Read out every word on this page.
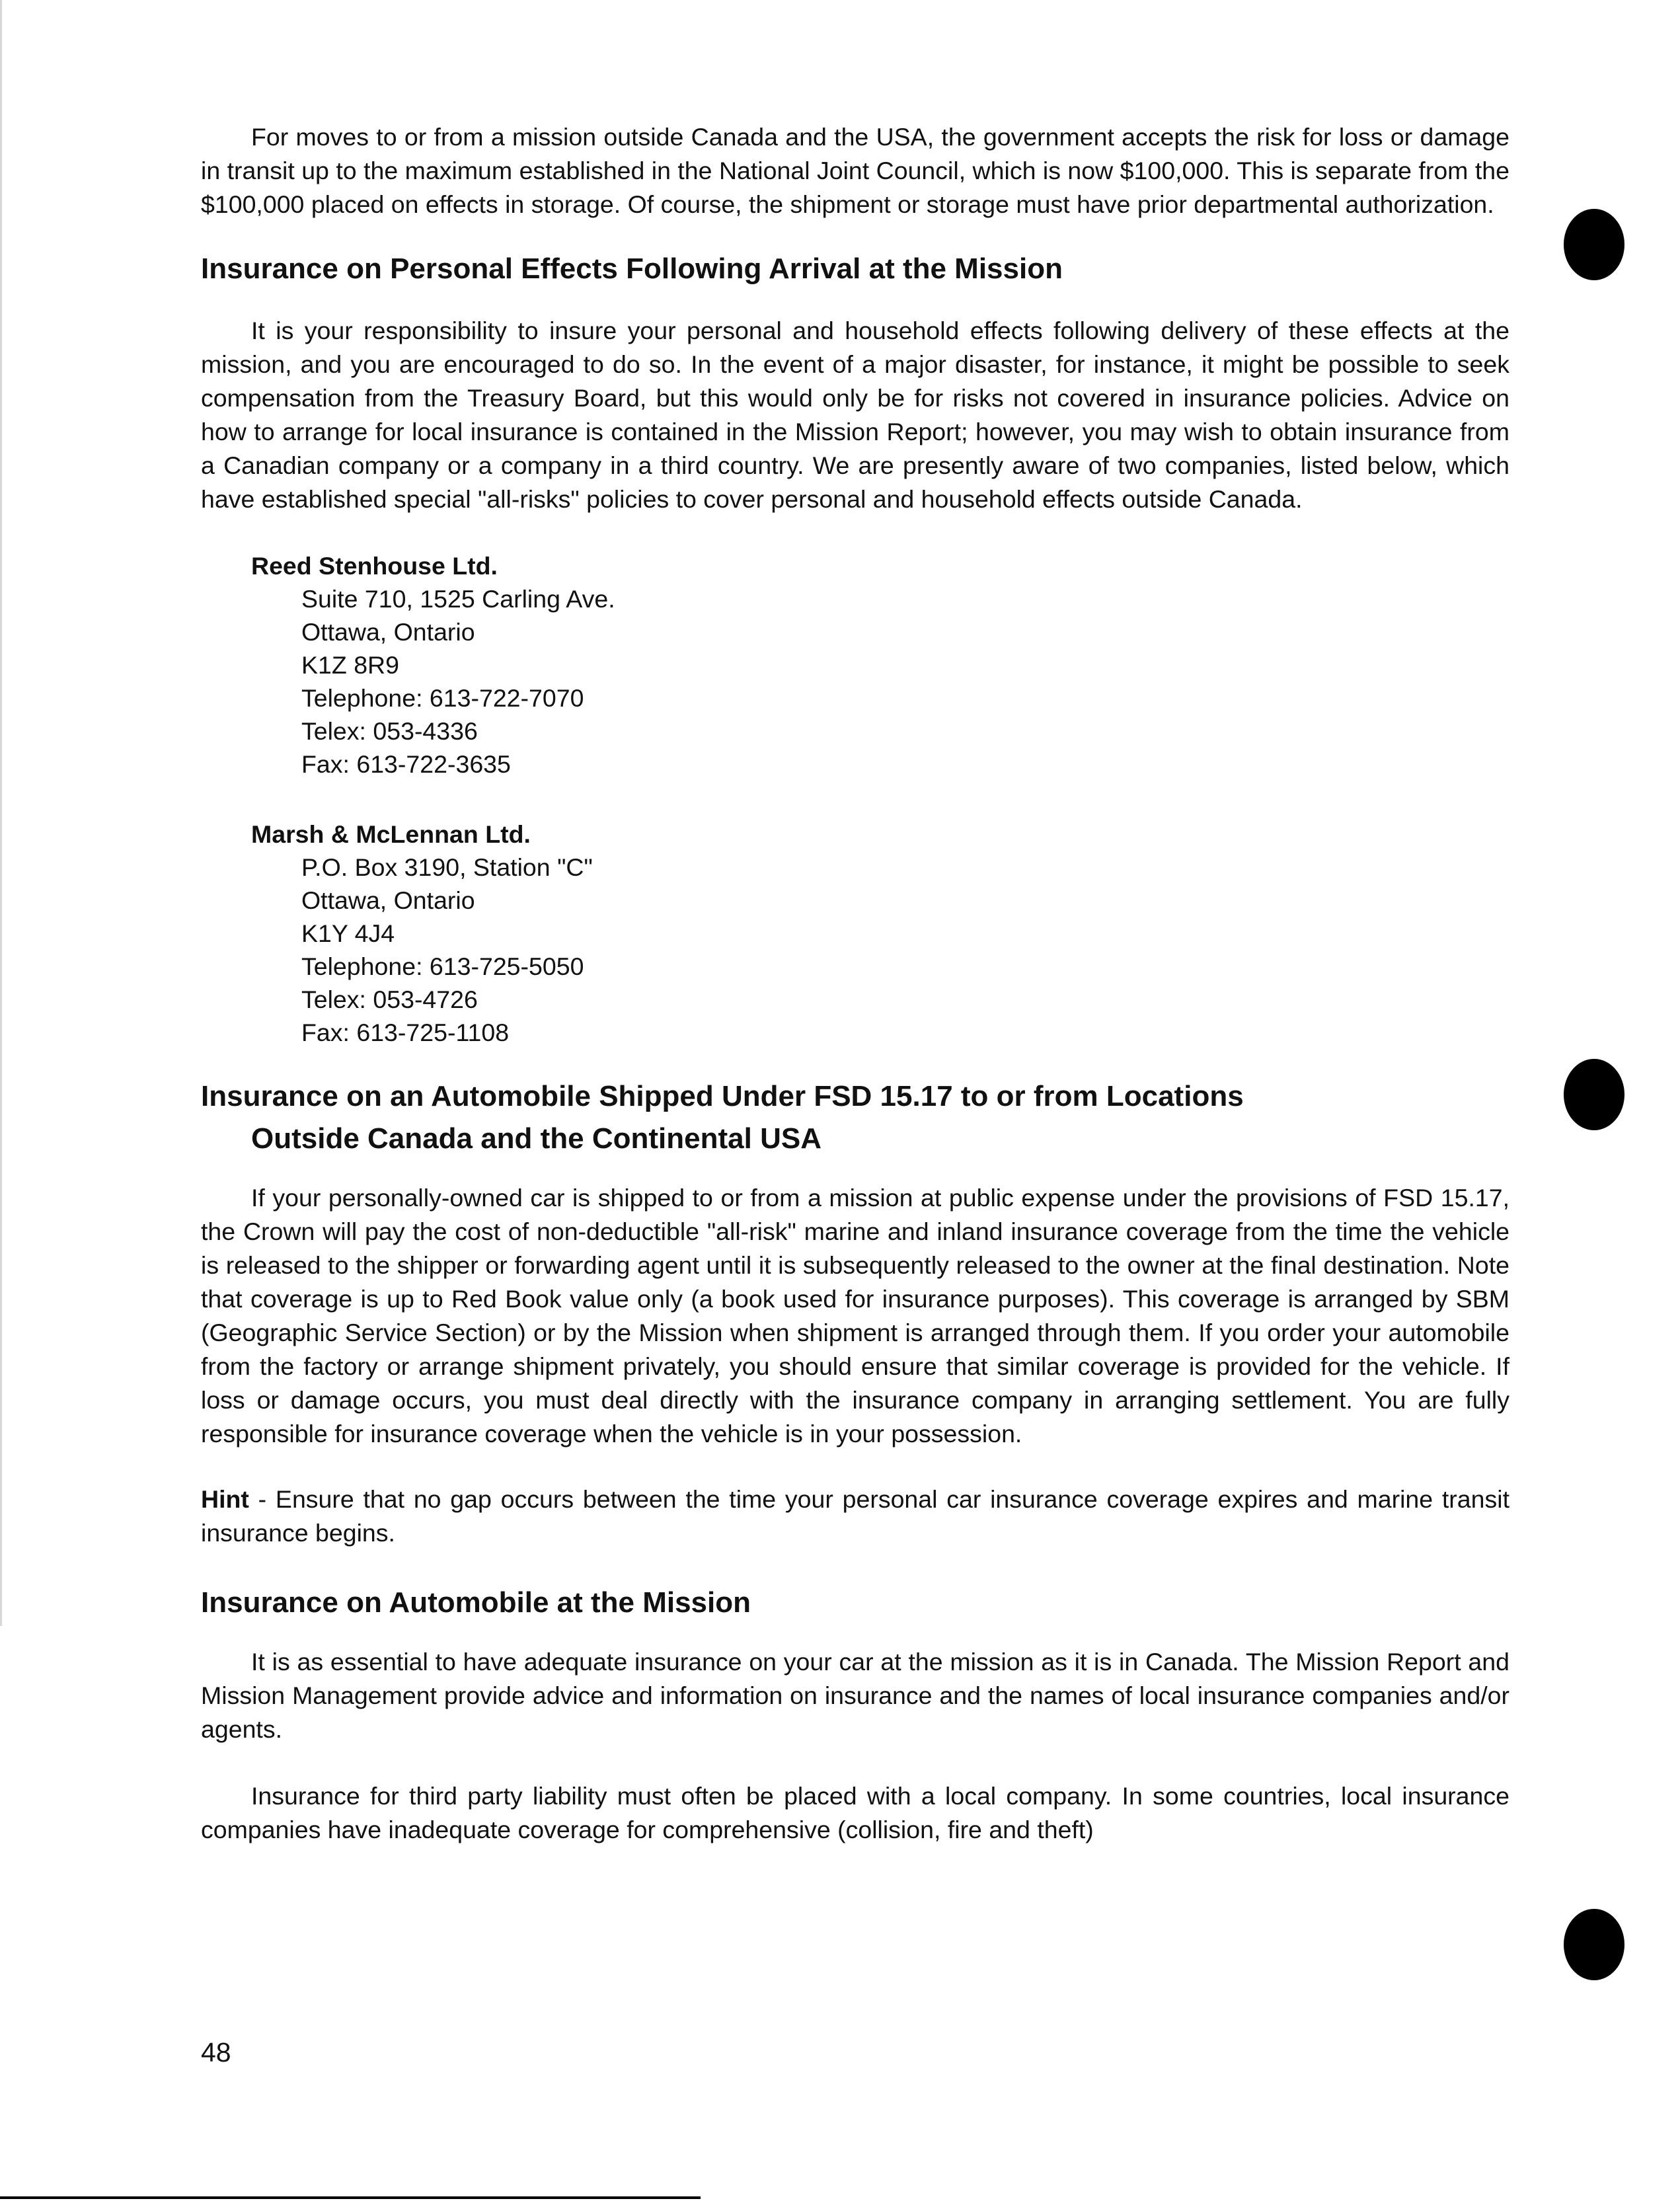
For moves to or from a mission outside Canada and the USA, the government accepts the risk for loss or damage in transit up to the maximum established in the National Joint Council, which is now $100,000. This is separate from the $100,000 placed on effects in storage. Of course, the shipment or storage must have prior departmental authorization.

Insurance on Personal Effects Following Arrival at the Mission

It is your responsibility to insure your personal and household effects following delivery of these effects at the mission, and you are encouraged to do so. In the event of a major disaster, for instance, it might be possible to seek compensation from the Treasury Board, but this would only be for risks not covered in insurance policies. Advice on how to arrange for local insurance is contained in the Mission Report; however, you may wish to obtain insurance from a Canadian company or a company in a third country. We are presently aware of two companies, listed below, which have established special "all-risks" policies to cover personal and household effects outside Canada.

Reed Stenhouse Ltd.
Suite 710, 1525 Carling Ave.
Ottawa, Ontario
K1Z 8R9
Telephone: 613-722-7070
Telex: 053-4336
Fax: 613-722-3635
Marsh & McLennan Ltd.
P.O. Box 3190, Station "C"
Ottawa, Ontario
K1Y 4J4
Telephone: 613-725-5050
Telex: 053-4726
Fax: 613-725-1108
Insurance on an Automobile Shipped Under FSD 15.17 to or from Locations
Outside Canada and the Continental USA

If your personally-owned car is shipped to or from a mission at public expense under the provisions of FSD 15.17, the Crown will pay the cost of non-deductible "all-risk" marine and inland insurance coverage from the time the vehicle is released to the shipper or forwarding agent until it is subsequently released to the owner at the final destination. Note that coverage is up to Red Book value only (a book used for insurance purposes). This coverage is arranged by SBM (Geographic Service Section) or by the Mission when shipment is arranged through them. If you order your automobile from the factory or arrange shipment privately, you should ensure that similar coverage is provided for the vehicle. If loss or damage occurs, you must deal directly with the insurance company in arranging settlement. You are fully responsible for insurance coverage when the vehicle is in your possession.

Hint - Ensure that no gap occurs between the time your personal car insurance coverage expires and marine transit insurance begins.

Insurance on Automobile at the Mission

It is as essential to have adequate insurance on your car at the mission as it is in Canada. The Mission Report and Mission Management provide advice and information on insurance and the names of local insurance companies and/or agents.

Insurance for third party liability must often be placed with a local company. In some countries, local insurance companies have inadequate coverage for comprehensive (collision, fire and theft)

48
